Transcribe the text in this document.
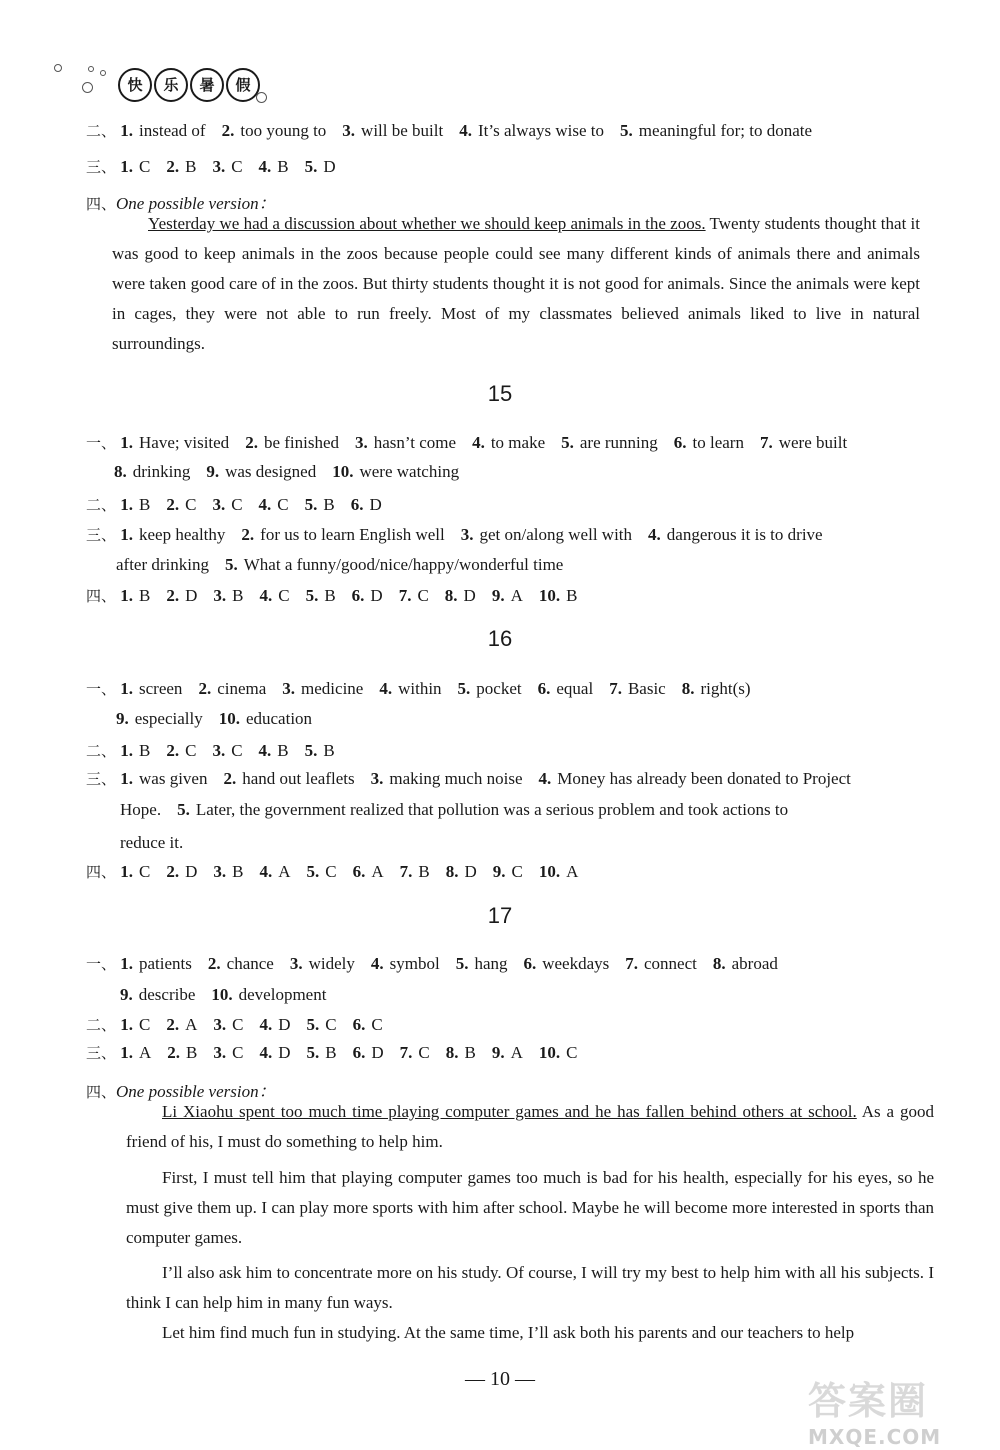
快	乐	暑	假
二、 1. instead of 2. too young to 3. will be built 4. It’s always wise to 5. meaningful for; to donate
三、 1. C 2. B 3. C 4. B 5. D
四、One possible version：
Yesterday we had a discussion about whether we should keep animals in the zoos. Twenty students thought that it was good to keep animals in the zoos because people could see many different kinds of animals there and animals were taken good care of in the zoos. But thirty students thought it is not good for animals. Since the animals were kept in cages, they were not able to run freely. Most of my classmates believed animals liked to live in natural surroundings.
15
一、 1. Have; visited 2. be finished 3. hasn’t come 4. to make 5. are running 6. to learn 7. were built
8. drinking 9. was designed 10. were watching
二、 1. B 2. C 3. C 4. C 5. B 6. D
三、 1. keep healthy 2. for us to learn English well 3. get on/along well with 4. dangerous it is to drive
after drinking 5. What a funny/good/nice/happy/wonderful time
四、 1. B 2. D 3. B 4. C 5. B 6. D 7. C 8. D 9. A 10. B
16
一、 1. screen 2. cinema 3. medicine 4. within 5. pocket 6. equal 7. Basic 8. right(s)
9. especially 10. education
二、 1. B 2. C 3. C 4. B 5. B
三、 1. was given 2. hand out leaflets 3. making much noise 4. Money has already been donated to Project
Hope. 5. Later, the government realized that pollution was a serious problem and took actions to
reduce it.
四、 1. C 2. D 3. B 4. A 5. C 6. A 7. B 8. D 9. C 10. A
17
一、 1. patients 2. chance 3. widely 4. symbol 5. hang 6. weekdays 7. connect 8. abroad
9. describe 10. development
二、 1. C 2. A 3. C 4. D 5. C 6. C
三、 1. A 2. B 3. C 4. D 5. B 6. D 7. C 8. B 9. A 10. C
四、One possible version：
Li Xiaohu spent too much time playing computer games and he has fallen behind others at school. As a good friend of his, I must do something to help him.
First, I must tell him that playing computer games too much is bad for his health, especially for his eyes, so he must give them up. I can play more sports with him after school. Maybe he will become more interested in sports than computer games.
I’ll also ask him to concentrate more on his study. Of course, I will try my best to help him with all his subjects. I think I can help him in many fun ways.
Let him find much fun in studying. At the same time, I’ll ask both his parents and our teachers to help
— 10 —	答案圈
MXQE.COM
